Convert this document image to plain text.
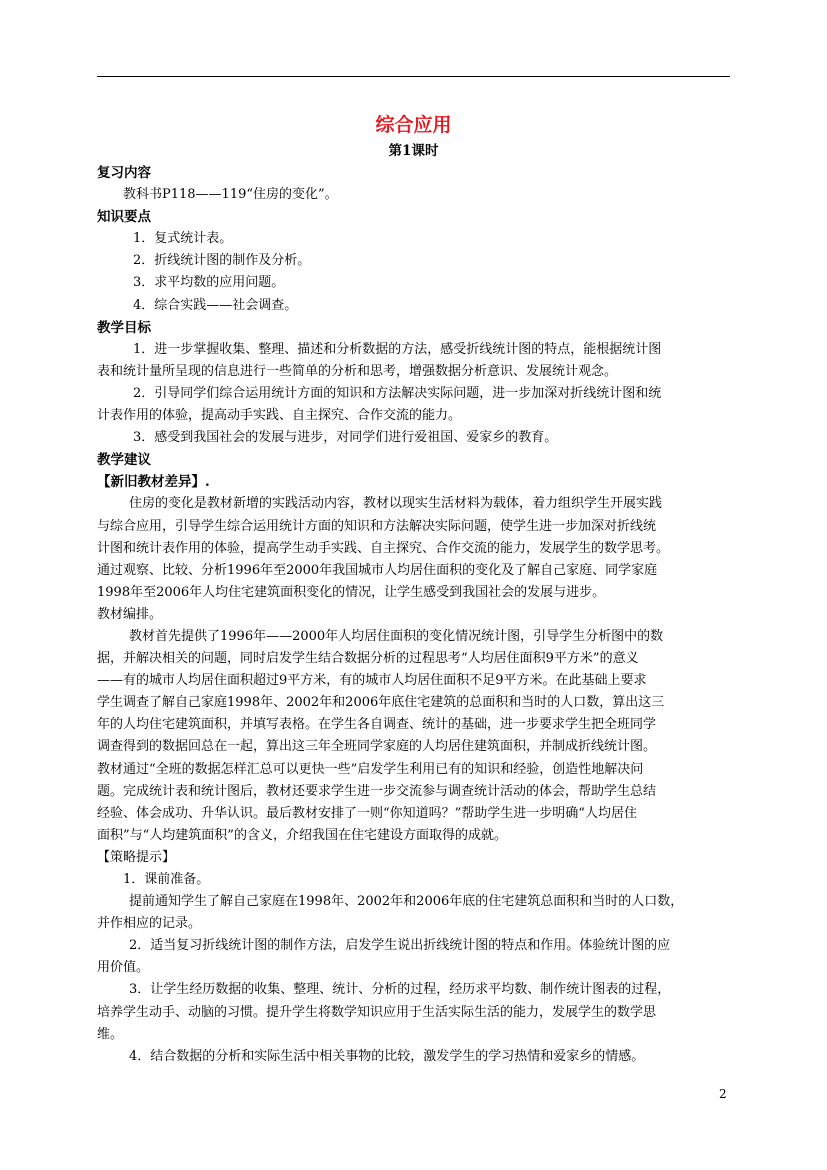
综合应用
第1课时
复习内容
教科书P118——119“住房的变化”。
知识要点
1．复式统计表。
2．折线统计图的制作及分析。
3．求平均数的应用问题。
4．综合实践——社会调查。
教学目标
1．进一步掌握收集、整理、描述和分析数据的方法，感受折线统计图的特点，能根据统计图
表和统计量所呈现的信息进行一些简单的分析和思考，增强数据分析意识、发展统计观念。
2．引导同学们综合运用统计方面的知识和方法解决实际问题，进一步加深对折线统计图和统
计表作用的体验，提高动手实践、自主探究、合作交流的能力。
3．感受到我国社会的发展与进步，对同学们进行爱祖国、爱家乡的教育。
教学建议
【新旧教材差异】.
住房的变化是教材新增的实践活动内容，教材以现实生活材料为载体，着力组织学生开展实践
与综合应用，引导学生综合运用统计方面的知识和方法解决实际问题，使学生进一步加深对折线统
计图和统计表作用的体验，提高学生动手实践、自主探究、合作交流的能力，发展学生的数学思考。
通过观察、比较、分析1996年至2000年我国城市人均居住面积的变化及了解自己家庭、同学家庭
1998年至2006年人均住宅建筑面积变化的情况，让学生感受到我国社会的发展与进步。
教材编排。
教材首先提供了1996年——2000年人均居住面积的变化情况统计图，引导学生分析图中的数
据，并解决相关的问题，同时启发学生结合数据分析的过程思考“人均居住面积9平方米”的意义
——有的城市人均居住面积超过9平方米，有的城市人均居住面积不足9平方米。在此基础上要求
学生调查了解自己家庭1998年、2002年和2006年底住宅建筑的总面积和当时的人口数，算出这三
年的人均住宅建筑面积，并填写表格。在学生各自调查、统计的基础，进一步要求学生把全班同学
调查得到的数据回总在一起，算出这三年全班同学家庭的人均居住建筑面积，并制成折线统计图。
教材通过“全班的数据怎样汇总可以更快一些”启发学生利用已有的知识和经验，创造性地解决问
题。完成统计表和统计图后，教材还要求学生进一步交流参与调查统计活动的体会，帮助学生总结
经验、体会成功、升华认识。最后教材安排了一则“你知道吗？”帮助学生进一步明确“人均居住
面积”与“人均建筑面积”的含义，介绍我国在住宅建设方面取得的成就。
【策略提示】
1．课前准备。
提前通知学生了解自己家庭在1998年、2002年和2006年底的住宅建筑总面积和当时的人口数，
并作相应的记录。
2．适当复习折线统计图的制作方法，启发学生说出折线统计图的特点和作用。体验统计图的应
用价值。
3．让学生经历数据的收集、整理、统计、分析的过程，经历求平均数、制作统计图表的过程，
培养学生动手、动脑的习惯。提升学生将数学知识应用于生活实际生活的能力，发展学生的数学思
维。
4．结合数据的分析和实际生活中相关事物的比较，激发学生的学习热情和爱家乡的情感。
2
